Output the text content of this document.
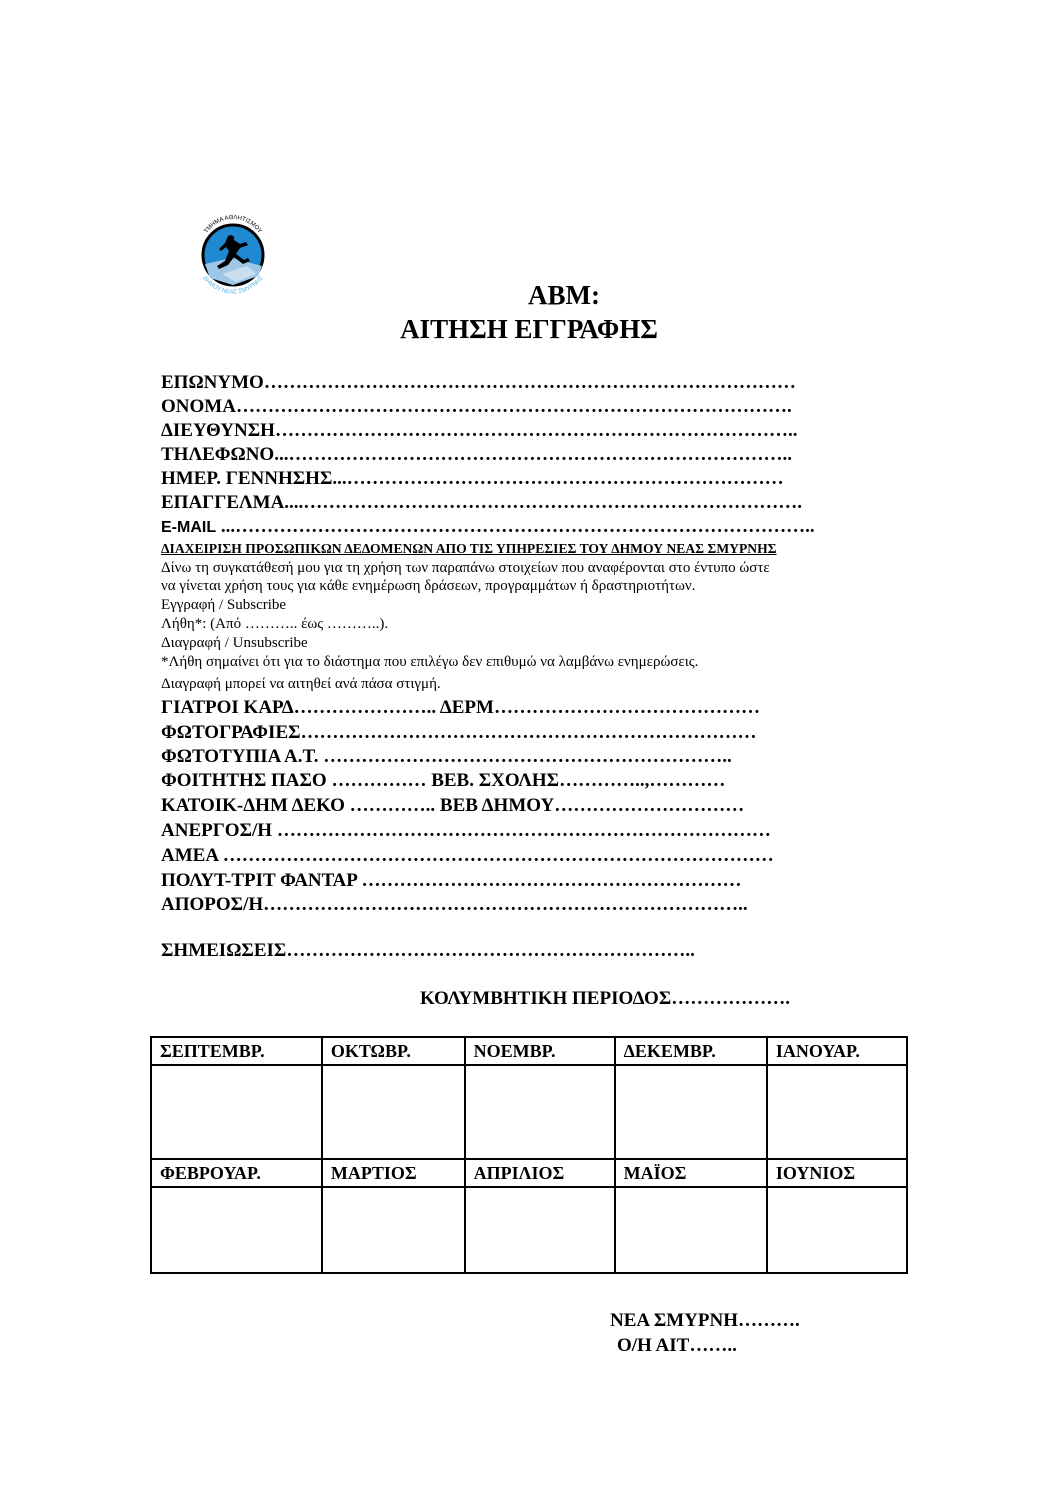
ΤΜΗΜΑ ΑΘΛΗΤΙΣΜΟΥ
ΔΗΜΟΥ ΝΕΑΣ ΣΜΥΡΝΗΣ
ΑΒΜ:
ΑΙΤΗΣΗ ΕΓΓΡΑΦΗΣ
ΕΠΩΝΥΜΟ…………………………………………………………………………
ΟΝΟΜΑ…………………………………………………………………………….
ΔΙΕΥΘΥΝΣΗ………………………………………………………………………..
ΤΗΛΕΦΩΝΟ...……………………………………………………………………..
ΗΜΕΡ. ΓΕΝΝΗΣΗΣ...……………………………………………………………
ΕΠΑΓΓΕΛΜΑ....…………………………………………………………………….
E-MAIL ...………………………………………………………………………………..
ΔΙΑΧΕΙΡΙΣΗ ΠΡΟΣΩΠΙΚΩΝ ΔΕΔΟΜΕΝΩΝ ΑΠΟ ΤΙΣ ΥΠΗΡΕΣΙΕΣ ΤΟΥ ΔΗΜΟΥ ΝΕΑΣ ΣΜΥΡΝΗΣ
Δίνω τη συγκατάθεσή μου για τη χρήση των παραπάνω στοιχείων που αναφέρονται στο έντυπο ώστε
να γίνεται χρήση τους για κάθε ενημέρωση δράσεων, προγραμμάτων ή δραστηριοτήτων.
Εγγραφή / Subscribe
Λήθη*: (Από ……….. έως ………..).
Διαγραφή / Unsubscribe
*Λήθη σημαίνει ότι για το διάστημα που επιλέγω δεν επιθυμώ να λαμβάνω ενημερώσεις.
Διαγραφή μπορεί να αιτηθεί ανά πάσα στιγμή.
ΓΙΑΤΡΟΙ ΚΑΡΔ………………….. ΔΕΡΜ……………………………………
ΦΩΤΟΓΡΑΦΙΕΣ………………………………………………………………
ΦΩΤΟΤΥΠΙΑ Α.Τ. ………………………………………………………..
ΦΟΙΤΗΤΗΣ ΠΑΣΟ …………… ΒΕΒ. ΣΧΟΛΗΣ…………..,…………
ΚΑΤΟΙΚ-ΔΗΜ ΔΕΚΟ ………….. ΒΕΒ ΔΗΜΟΥ…………………………
ΑΝΕΡΓΟΣ/Η ……………………………………………………………………
ΑΜΕΑ ……………………………………………………………………………
ΠΟΛΥΤ-ΤΡΙΤ ΦΑΝΤΑΡ ……………………………………………………
ΑΠΟΡΟΣ/Η…………………………………………………………………..
ΣΗΜΕΙΩΣΕΙΣ………………………………………………………..
ΚΟΛΥΜΒΗΤΙΚΗ ΠΕΡΙΟΔΟΣ……………….
ΣΕΠΤΕΜΒΡ.	ΟΚΤΩΒΡ.	ΝΟΕΜΒΡ.	ΔΕΚΕΜΒΡ.	ΙΑΝΟΥΑΡ.

ΦΕΒΡΟΥΑΡ.	ΜΑΡΤΙΟΣ	ΑΠΡΙΛΙΟΣ	ΜΑΪΟΣ	ΙΟΥΝΙΟΣ

ΝΕΑ ΣΜΥΡΝΗ……….
Ο/Η ΑΙΤ……..
